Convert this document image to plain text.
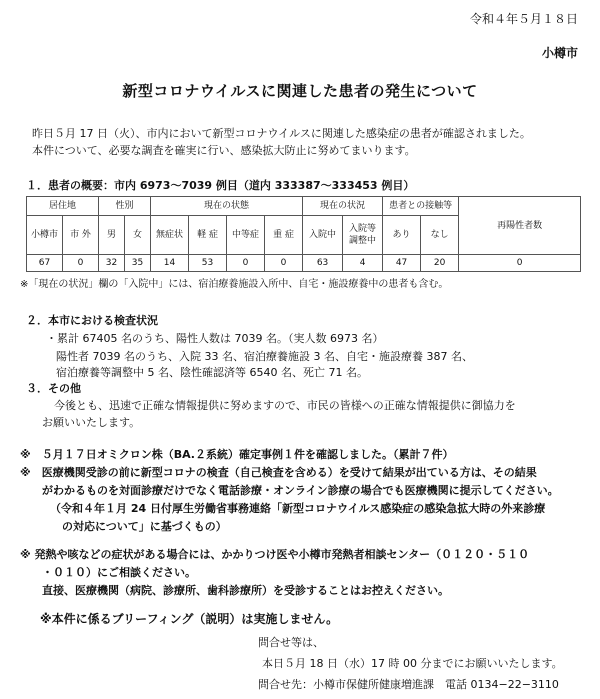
令和４年５月１８日
小樽市
新型コロナウイルスに関連した患者の発生について
昨日５月 17 日（火）、市内において新型コロナウイルスに関連した感染症の患者が確認されました。
本件について、必要な調査を確実に行い、感染拡大防止に努めてまいります。
１．患者の概要：市内 6973〜7039 例目（道内 333387〜333453 例目）
居住地		性別		現在の状態				現在の状況		患者との接触等		再陽性者数
小樽市	市 外	男	女	無症状	軽 症	中等症	重 症	入院中	入院等
調整中	あり	なし	
67	0	32	35	14	53	0	0	63	4	47	20	0
※「現在の状況」欄の「入院中」には、宿泊療養施設入所中、自宅・施設療養中の患者も含む。
２．本市における検査状況
・累計 67405 名のうち、陽性人数は 7039 名。（実人数 6973 名）
陽性者 7039 名のうち、入院 33 名、宿泊療養施設 3 名、自宅・施設療養 387 名、
宿泊療養等調整中 5 名、陰性確認済等 6540 名、死亡 71 名。
３．その他
今後とも、迅速で正確な情報提供に努めますので、市民の皆様への正確な情報提供に御協力を
お願いいたします。
※　５月１７日オミクロン株（BA.２系統）確定事例１件を確認しました。（累計７件）
※　医療機関受診の前に新型コロナの検査（自己検査を含める）を受けて結果が出ている方は、その結果
がわかるものを対面診療だけでなく電話診療・オンライン診療の場合でも医療機関に提示してください。
（令和４年１月 24 日付厚生労働省事務連絡「新型コロナウイルス感染症の感染急拡大時の外来診療
の対応について」に基づくもの）
※ 発熱や咳などの症状がある場合には、かかりつけ医や小樽市発熱者相談センター（０１２０・５１０
・０１０）にご相談ください。
直接、医療機関（病院、診療所、歯科診療所）を受診することはお控えください。
※本件に係るブリーフィング（説明）は実施しません。
問合せ等は、
本日５月 18 日（水）17 時 00 分までにお願いいたします。
問合せ先：小樽市保健所健康増進課　電話 0134−22−3110
